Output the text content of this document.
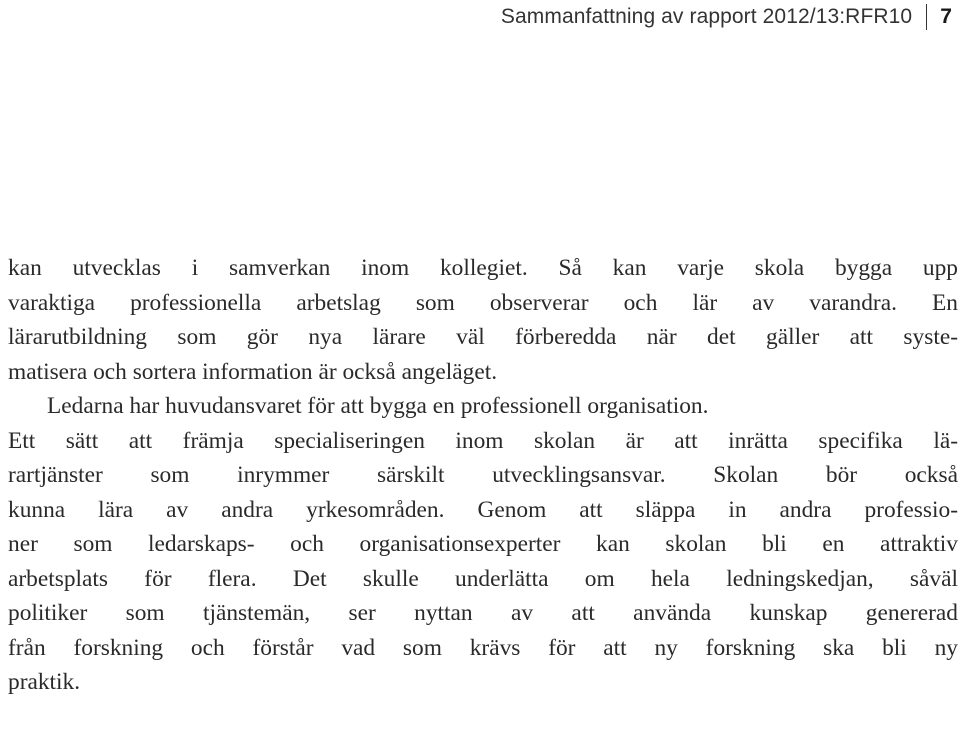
Sammanfattning av rapport 2012/13:RFR10 7
kan utvecklas i samverkan inom kollegiet. Så kan varje skola bygga upp
varaktiga professionella arbetslag som observerar och lär av varandra. En
lärarutbildning som gör nya lärare väl förberedda när det gäller att syste-
matisera och sortera information är också angeläget.
Ledarna har huvudansvaret för att bygga en professionell organisation.
Ett sätt att främja specialiseringen inom skolan är att inrätta specifika lä-
rartjänster som inrymmer särskilt utvecklingsansvar. Skolan bör också
kunna lära av andra yrkesområden. Genom att släppa in andra professio-
ner som ledarskaps- och organisationsexperter kan skolan bli en attraktiv
arbetsplats för flera. Det skulle underlätta om hela ledningskedjan, såväl
politiker som tjänstemän, ser nyttan av att använda kunskap genererad
från forskning och förstår vad som krävs för att ny forskning ska bli ny
praktik.
